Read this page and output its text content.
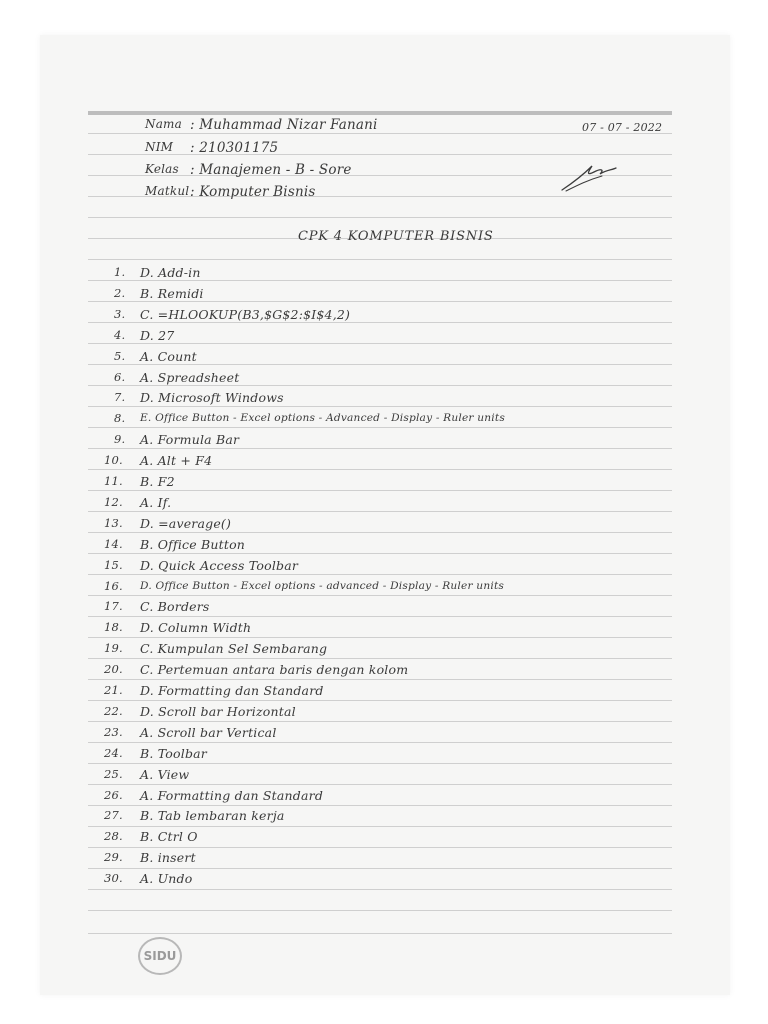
Nama : Muhammad Nizar Fanani	07 - 07 - 2022
NIM : 210301175
Kelas : Manajemen - B - Sore
Matkul : Komputer Bisnis
CPK 4 KOMPUTER BISNIS
1. D. Add-in
2. B. Remidi
3. C. =HLOOKUP(B3,$G$2:$I$4,2)
4. D. 27
5. A. Count
6. A. Spreadsheet
7. D. Microsoft Windows
8. E. Office Button - Excel options - Advanced - Display - Ruler units
9. A. Formula Bar
10. A. Alt + F4
11. B. F2
12. A. If.
13. D. =average()
14. B. Office Button
15. D. Quick Access Toolbar
16. D. Office Button - Excel options - advanced - Display - Ruler units
17. C. Borders
18. D. Column Width
19. C. Kumpulan Sel Sembarang
20. C. Pertemuan antara baris dengan kolom
21. D. Formatting dan Standard
22. D. Scroll bar Horizontal
23. A. Scroll bar Vertical
24. B. Toolbar
25. A. View
26. A. Formatting dan Standard
27. B. Tab lembaran kerja
28. B. Ctrl O
29. B. insert
30. A. Undo
SIDU
